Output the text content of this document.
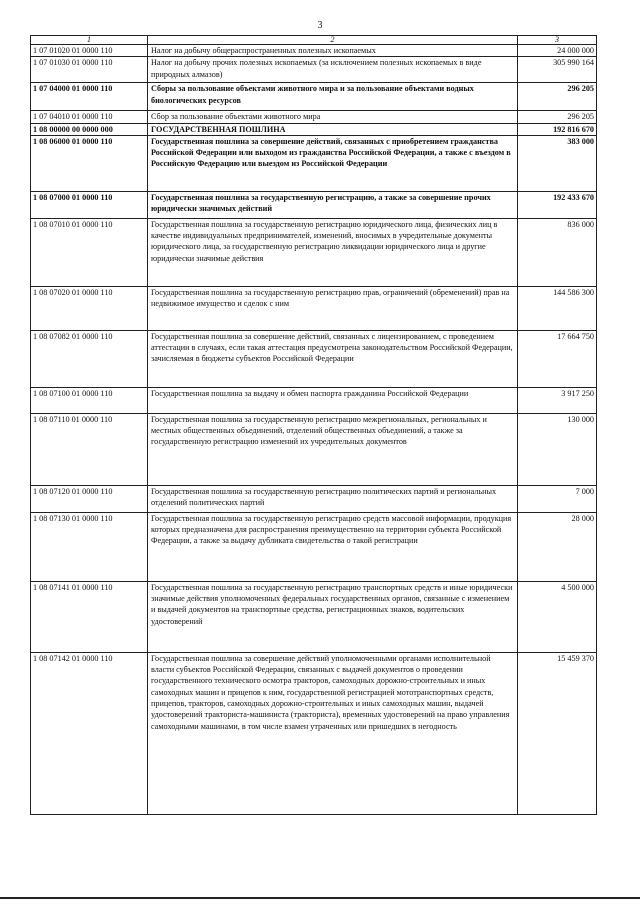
3
1	2	3
1 07 01020 01 0000 110	Налог на добычу общераспространенных полезных ископаемых	24 000 000
1 07 01030 01 0000 110	Налог на добычу прочих полезных ископаемых (за исключением полезных ископаемых в виде природных алмазов)	305 990 164
1 07 04000 01 0000 110	Сборы за пользование объектами животного мира и за пользование объектами водных биологических ресурсов	296 205
1 07 04010 01 0000 110	Сбор за пользование объектами животного мира	296 205
1 08 00000 00 0000 000	ГОСУДАРСТВЕННАЯ ПОШЛИНА	192 816 670
1 08 06000 01 0000 110	Государственная пошлина за совершение действий, связанных с приобретением гражданства Российской Федерации или выходом из гражданства Российской Федерации, а также с въездом в Российскую Федерацию или выездом из Российской Федерации	383 000
1 08 07000 01 0000 110	Государственная пошлина за государственную регистрацию, а также за совершение прочих юридически значимых действий	192 433 670
1 08 07010 01 0000 110	Государственная пошлина за государственную регистрацию юридического лица, физических лиц в качестве индивидуальных предпринимателей, изменений, вносимых в учредительные документы юридического лица, за государственную регистрацию ликвидации юридического лица и другие юридически значимые действия	836 000
1 08 07020 01 0000 110	Государственная пошлина за государственную регистрацию прав, ограничений (обременений) прав на недвижимое имущество и сделок с ним	144 586 300
1 08 07082 01 0000 110	Государственная пошлина за совершение действий, связанных с лицензированием, с проведением аттестации в случаях, если такая аттестация предусмотрена законодательством Российской Федерации, зачисляемая в бюджеты субъектов Российской Федерации	17 664 750
1 08 07100 01 0000 110	Государственная пошлина за выдачу и обмен паспорта гражданина Российской Федерации	3 917 250
1 08 07110 01 0000 110	Государственная пошлина за государственную регистрацию межрегиональных, региональных и местных общественных объединений, отделений общественных объединений, а также за государственную регистрацию изменений их учредительных документов	130 000
1 08 07120 01 0000 110	Государственная пошлина за государственную регистрацию политических партий и региональных отделений политических партий	7 000
1 08 07130 01 0000 110	Государственная пошлина за государственную регистрацию средств массовой информации, продукция которых предназначена для распространения преимущественно на территории субъекта Российской Федерации, а также за выдачу дубликата свидетельства о такой регистрации	28 000
1 08 07141 01 0000 110	Государственная пошлина за государственную регистрацию транспортных средств и иные юридически значимые действия уполномоченных федеральных государственных органов, связанные с изменением и выдачей документов на транспортные средства, регистрационных знаков, водительских удостоверений	4 500 000
1 08 07142 01 0000 110	Государственная пошлина за совершение действий уполномоченными органами исполнительной власти субъектов Российской Федерации, связанных с выдачей документов о проведении государственного технического осмотра тракторов, самоходных дорожно-строительных и иных самоходных машин и прицепов к ним, государственной регистрацией мототранспортных средств, прицепов, тракторов, самоходных дорожно-строительных и иных самоходных машин, выдачей удостоверений тракториста-машиниста (тракториста), временных удостоверений на право управления самоходными машинами, в том числе взамен утраченных или пришедших в негодность	15 459 370
